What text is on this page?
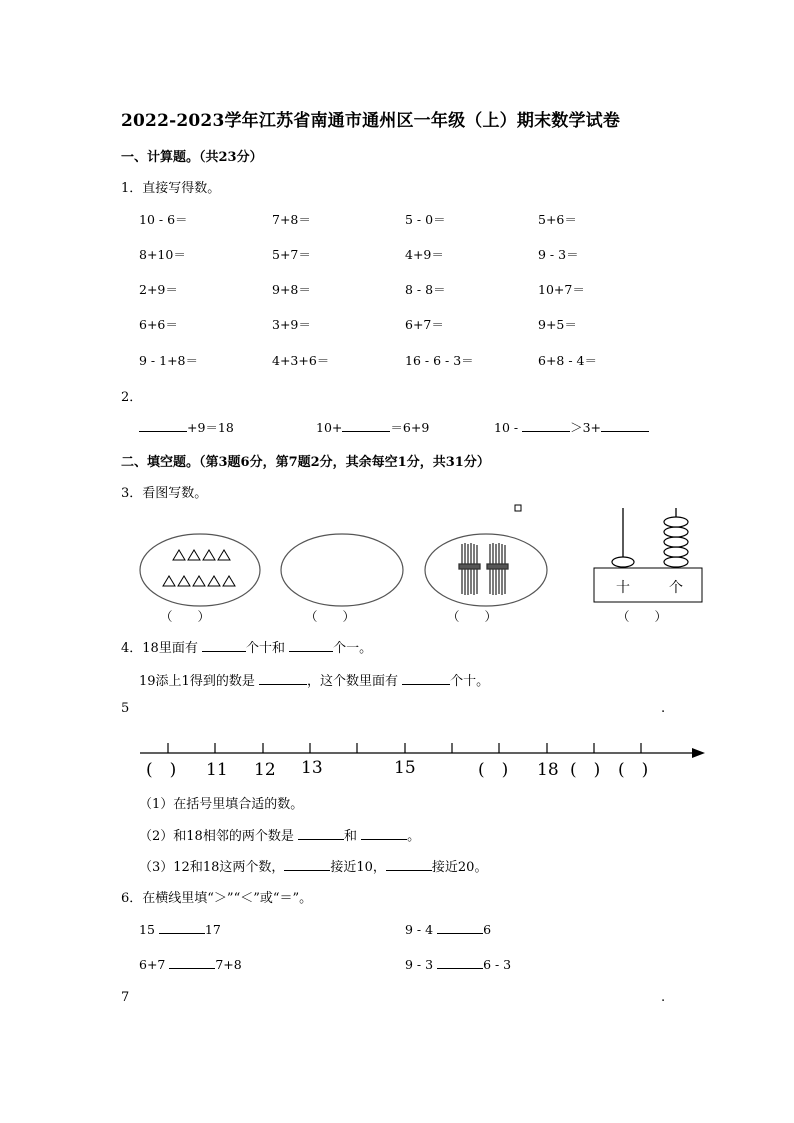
2022-2023学年江苏省南通市通州区一年级（上）期末数学试卷
一、计算题。（共23分）
1．直接写得数。
10 - 6＝	7+8＝	5 - 0＝	5+6＝
8+10＝	5+7＝	4+9＝	9 - 3＝
2+9＝	9+8＝	8 - 8＝	10+7＝
6+6＝	3+9＝	6+7＝	9+5＝
9 - 1+8＝	4+3+6＝	16 - 6 - 3＝	6+8 - 4＝
2．
+9＝18	10+	＝6+9	10 -	＞3+
二、填空题。（第3题6分，第7题2分，其余每空1分，共31分）
3．看图写数。
十	个
（　　）	（　　）	（　　）	（　　）
4．18里面有	个十和	个一。
19添上1得到的数是	，这个数里面有	个十。
5	.
(　) 11 12 13	15	(　) 18 (　) (　)
（1）在括号里填合适的数。
（2）和18相邻的两个数是	和	。
（3）12和18这两个数，	接近10，	接近20。
6．在横线里填“＞”“＜”或“＝”。
15	17	9 - 4	6
6+7	7+8	9 - 3	6 - 3
7	.
